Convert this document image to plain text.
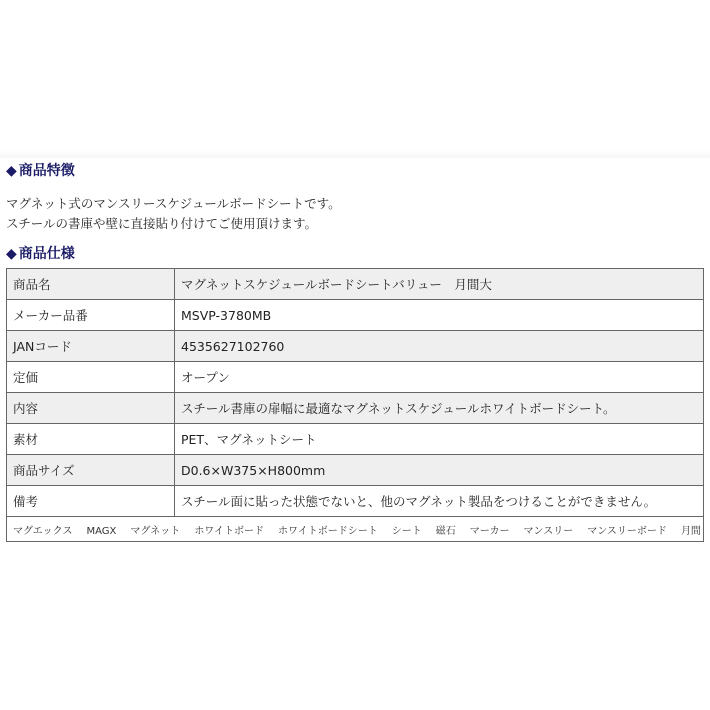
◆ 商品特徴

マグネット式のマンスリースケジュールボードシートです。

スチールの書庫や壁に直接貼り付けてご使用頂けます。

◆ 商品仕様
商品名	マグネットスケジュールボードシートバリュー　月間大
メーカー品番	MSVP-3780MB
JANコード	4535627102760
定価	オープン
内容	スチール書庫の扉幅に最適なマグネットスケジュールホワイトボードシート。
素材	PET、マグネットシート
商品サイズ	D0.6×W375×H800mm
備考	スチール面に貼った状態でないと、他のマグネット製品をつけることができません。
マグエックス MAGX マグネット ホワイトボード ホワイトボードシート シート 磁石 マーカー マンスリー マンスリーボード 月間	
